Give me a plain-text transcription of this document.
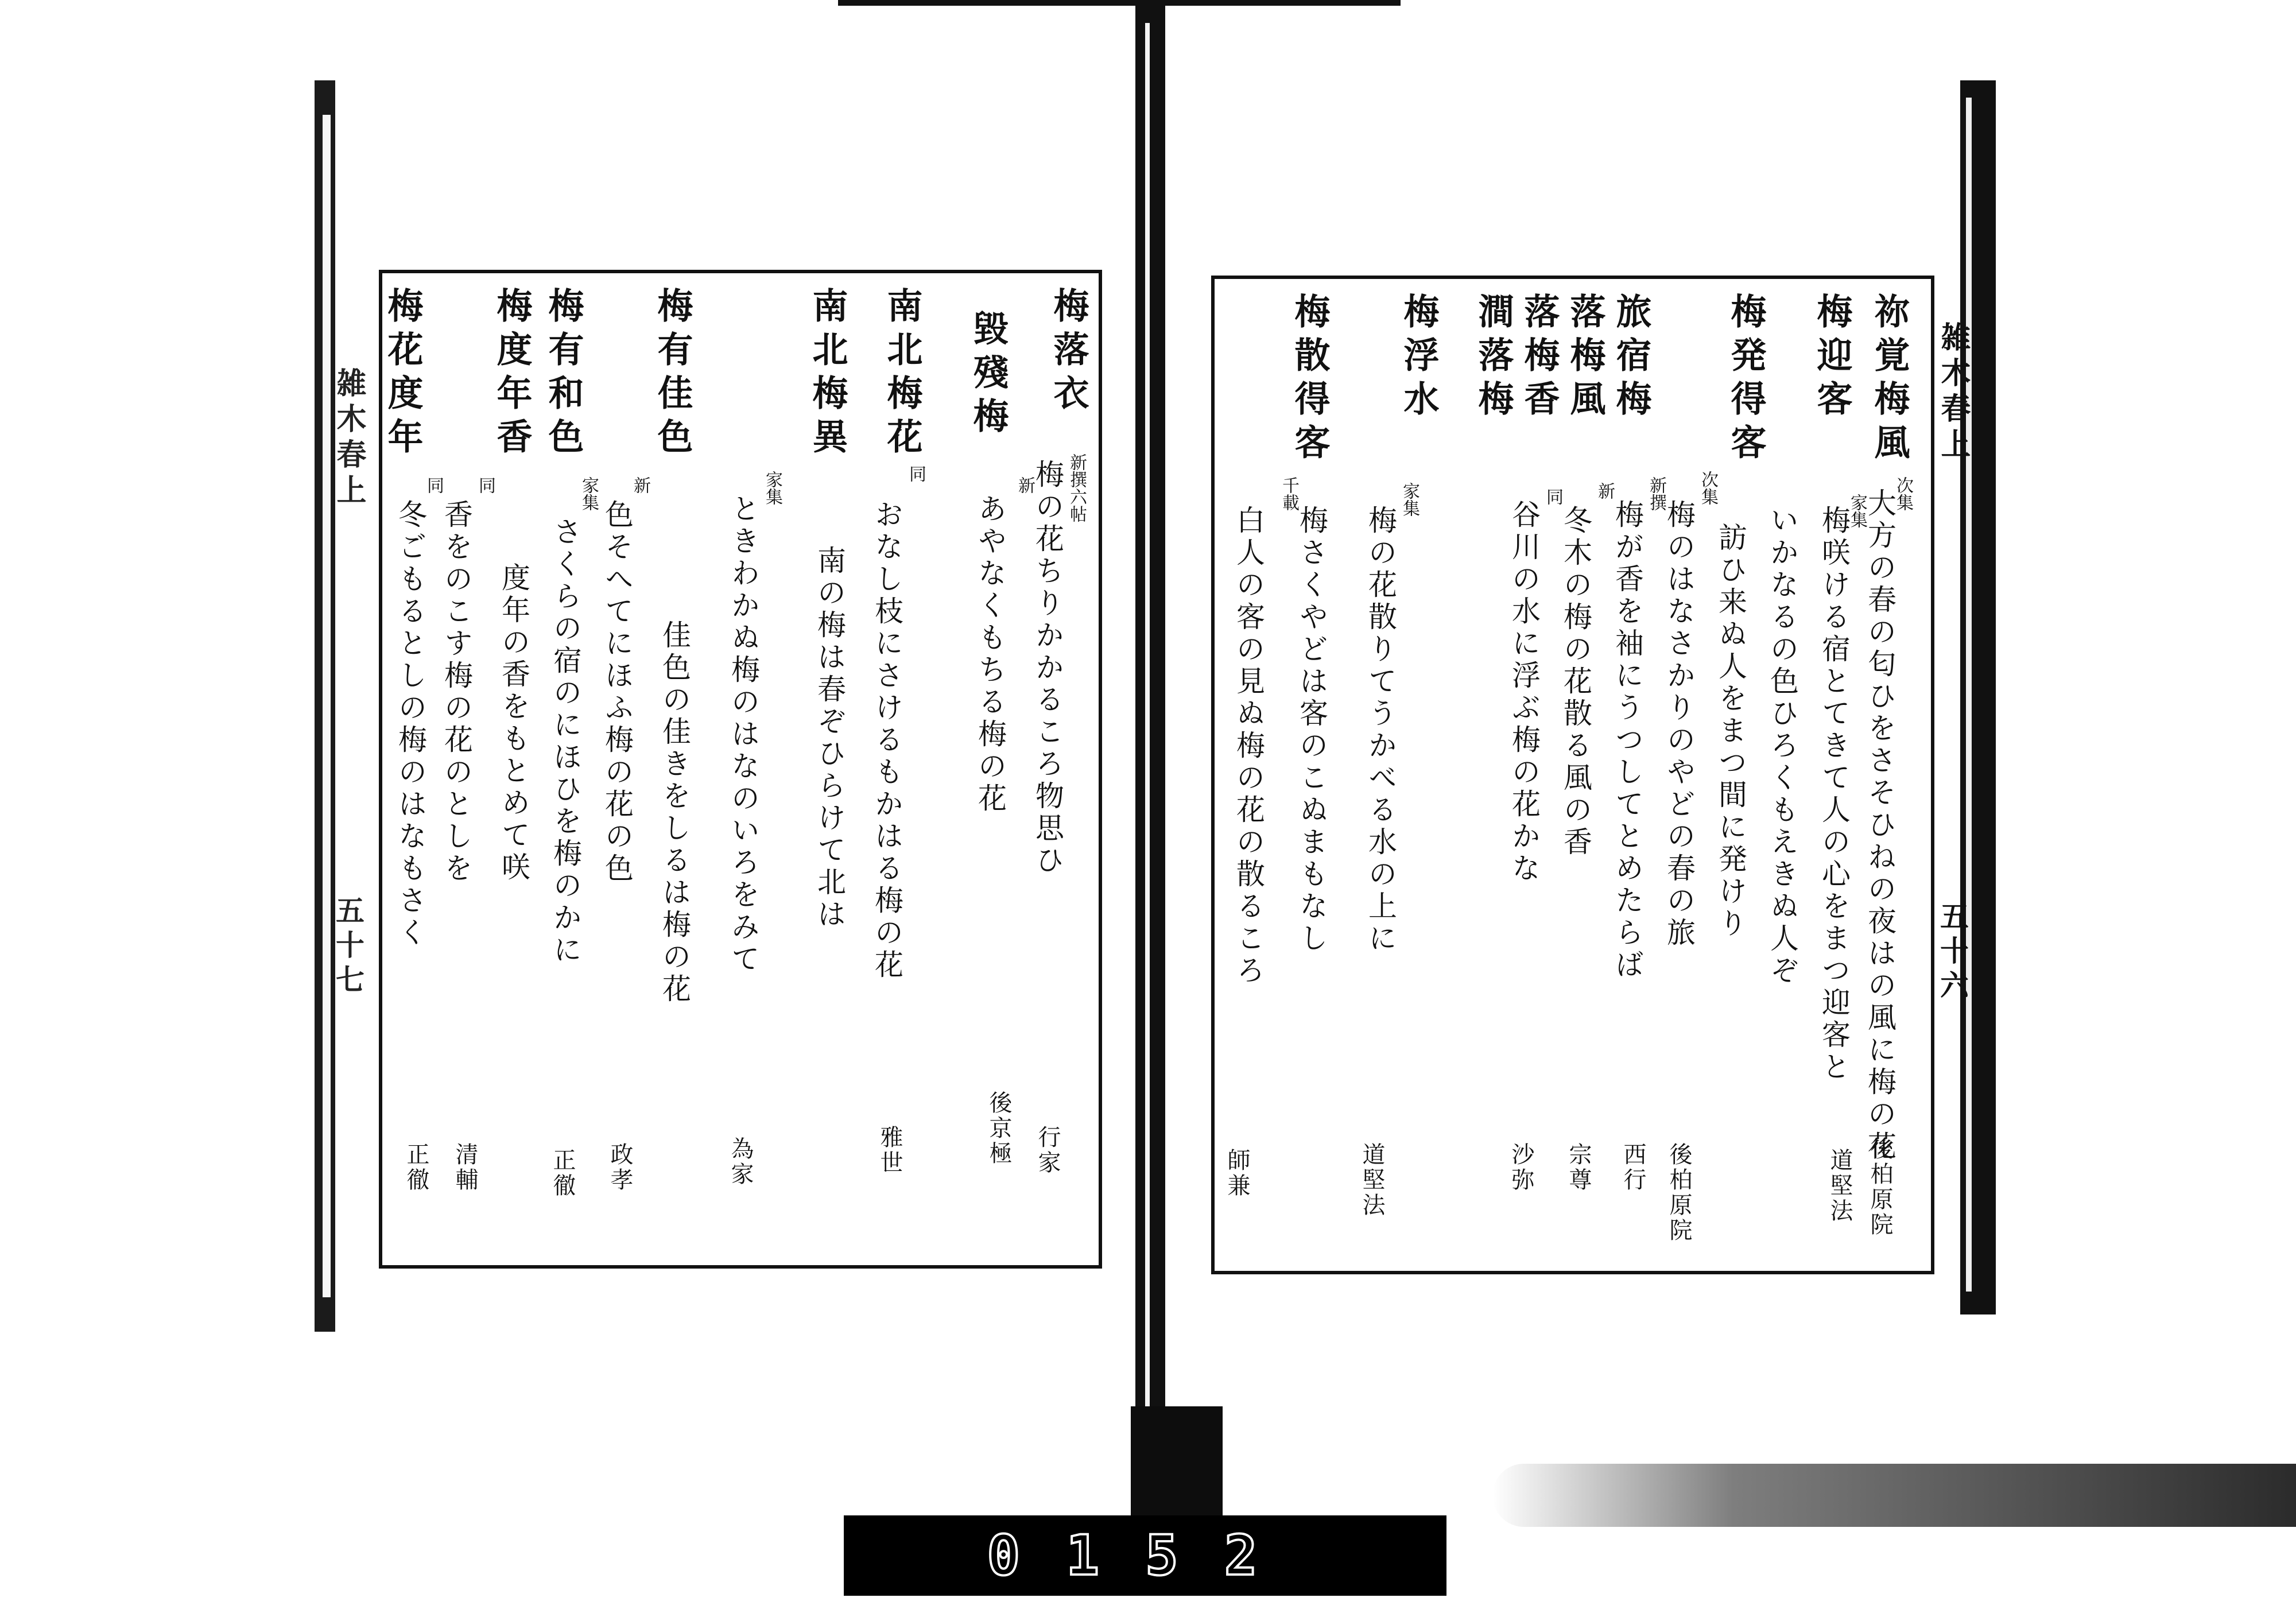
雑木春上
五十七
雑木春上
五十六
梅落衣
毀殘梅
南北梅花
南北梅異
梅有佳色
梅有和色
梅度年香
梅花度年
新撰六帖
梅の花ちりかかるころ物思ひ
行家
新
あやなくもちる梅の花
後京極
同
おなし枝にさけるもかはる梅の花
雅世
南の梅は春ぞひらけて北は
家集
ときわかぬ梅のはなのいろをみて
為家
佳色の佳きをしるは梅の花
新
色そへてにほふ梅の花の色
政孝
家集
さくらの宿のにほひを梅のかに
正徹
度年の香をもとめて咲
同
香をのこす梅の花のとしを
清輔
同
冬ごもるとしの梅のはなもさく
正徹
祢覚梅風
梅迎客
梅発得客
旅宿梅
落梅風
落梅香
澗落梅
梅浮水
梅散得客
次集
大方の春の匂ひをさそひねの夜はの風に梅の花
後柏原院
家集
梅咲ける宿とてきて人の心をまつ迎客と
道堅法
いかなるの色ひろくもえきぬ人ぞ
訪ひ来ぬ人をまつ間に発けり
次集
梅のはなさかりのやどの春の旅
後柏原院
新撰
梅が香を袖にうつしてとめたらば
西行
新
冬木の梅の花散る風の香
宗尊
同
谷川の水に浮ぶ梅の花かな
沙弥
家集
梅の花散りてうかべる水の上に
道堅法
千載
梅さくやどは客のこぬまもなし
師兼
白人の客の見ぬ梅の花の散るころ
0152
